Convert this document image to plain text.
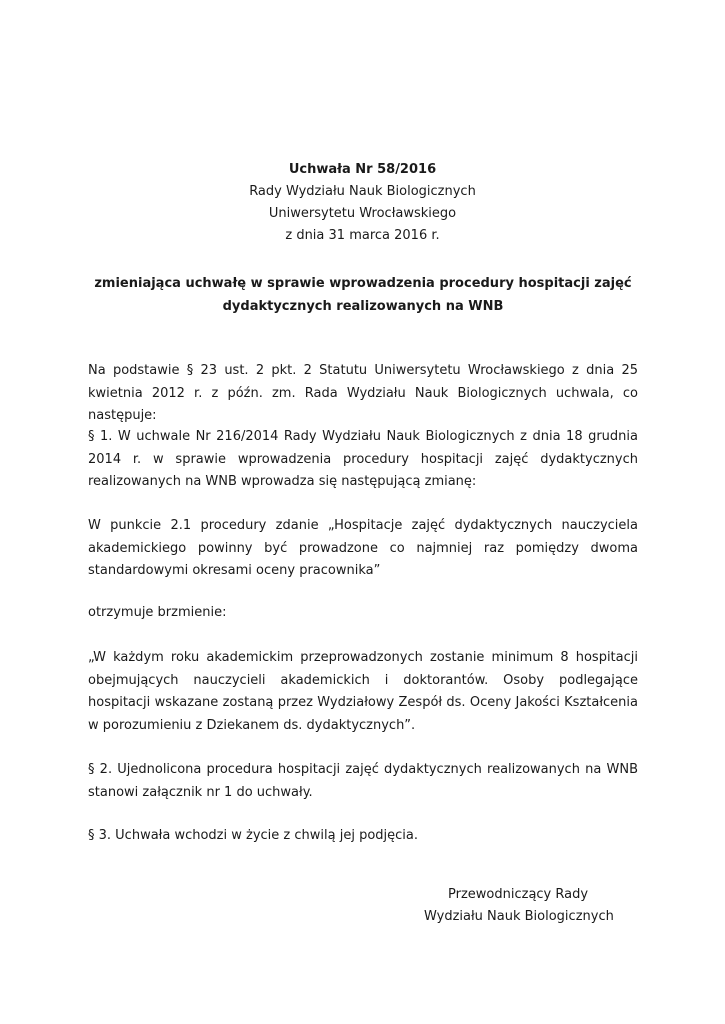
Uchwała Nr 58/2016
Rady Wydziału Nauk Biologicznych
Uniwersytetu Wrocławskiego
z dnia 31 marca 2016 r.
zmieniająca uchwałę w sprawie wprowadzenia procedury hospitacji zajęć
dydaktycznych realizowanych na WNB

Na podstawie § 23 ust. 2 pkt. 2 Statutu Uniwersytetu Wrocławskiego z dnia 25 kwietnia 2012 r. z późn. zm. Rada Wydziału Nauk Biologicznych uchwala, co następuje:

§ 1. W uchwale Nr 216/2014 Rady Wydziału Nauk Biologicznych z dnia 18 grudnia 2014 r. w sprawie wprowadzenia procedury hospitacji zajęć dydaktycznych realizowanych na WNB wprowadza się następującą zmianę:

W punkcie 2.1 procedury zdanie „Hospitacje zajęć dydaktycznych nauczyciela akademickiego powinny być prowadzone co najmniej raz pomiędzy dwoma standardowymi okresami oceny pracownika”

otrzymuje brzmienie:

„W każdym roku akademickim przeprowadzonych zostanie minimum 8 hospitacji obejmujących nauczycieli akademickich i doktorantów. Osoby podlegające hospitacji wskazane zostaną przez Wydziałowy Zespół ds. Oceny Jakości Kształcenia w porozumieniu z Dziekanem ds. dydaktycznych”.

§ 2. Ujednolicona procedura hospitacji zajęć dydaktycznych realizowanych na WNB stanowi załącznik nr 1 do uchwały.

§ 3. Uchwała wchodzi w życie z chwilą jej podjęcia.

Przewodniczący Rady
Wydziału Nauk Biologicznych
